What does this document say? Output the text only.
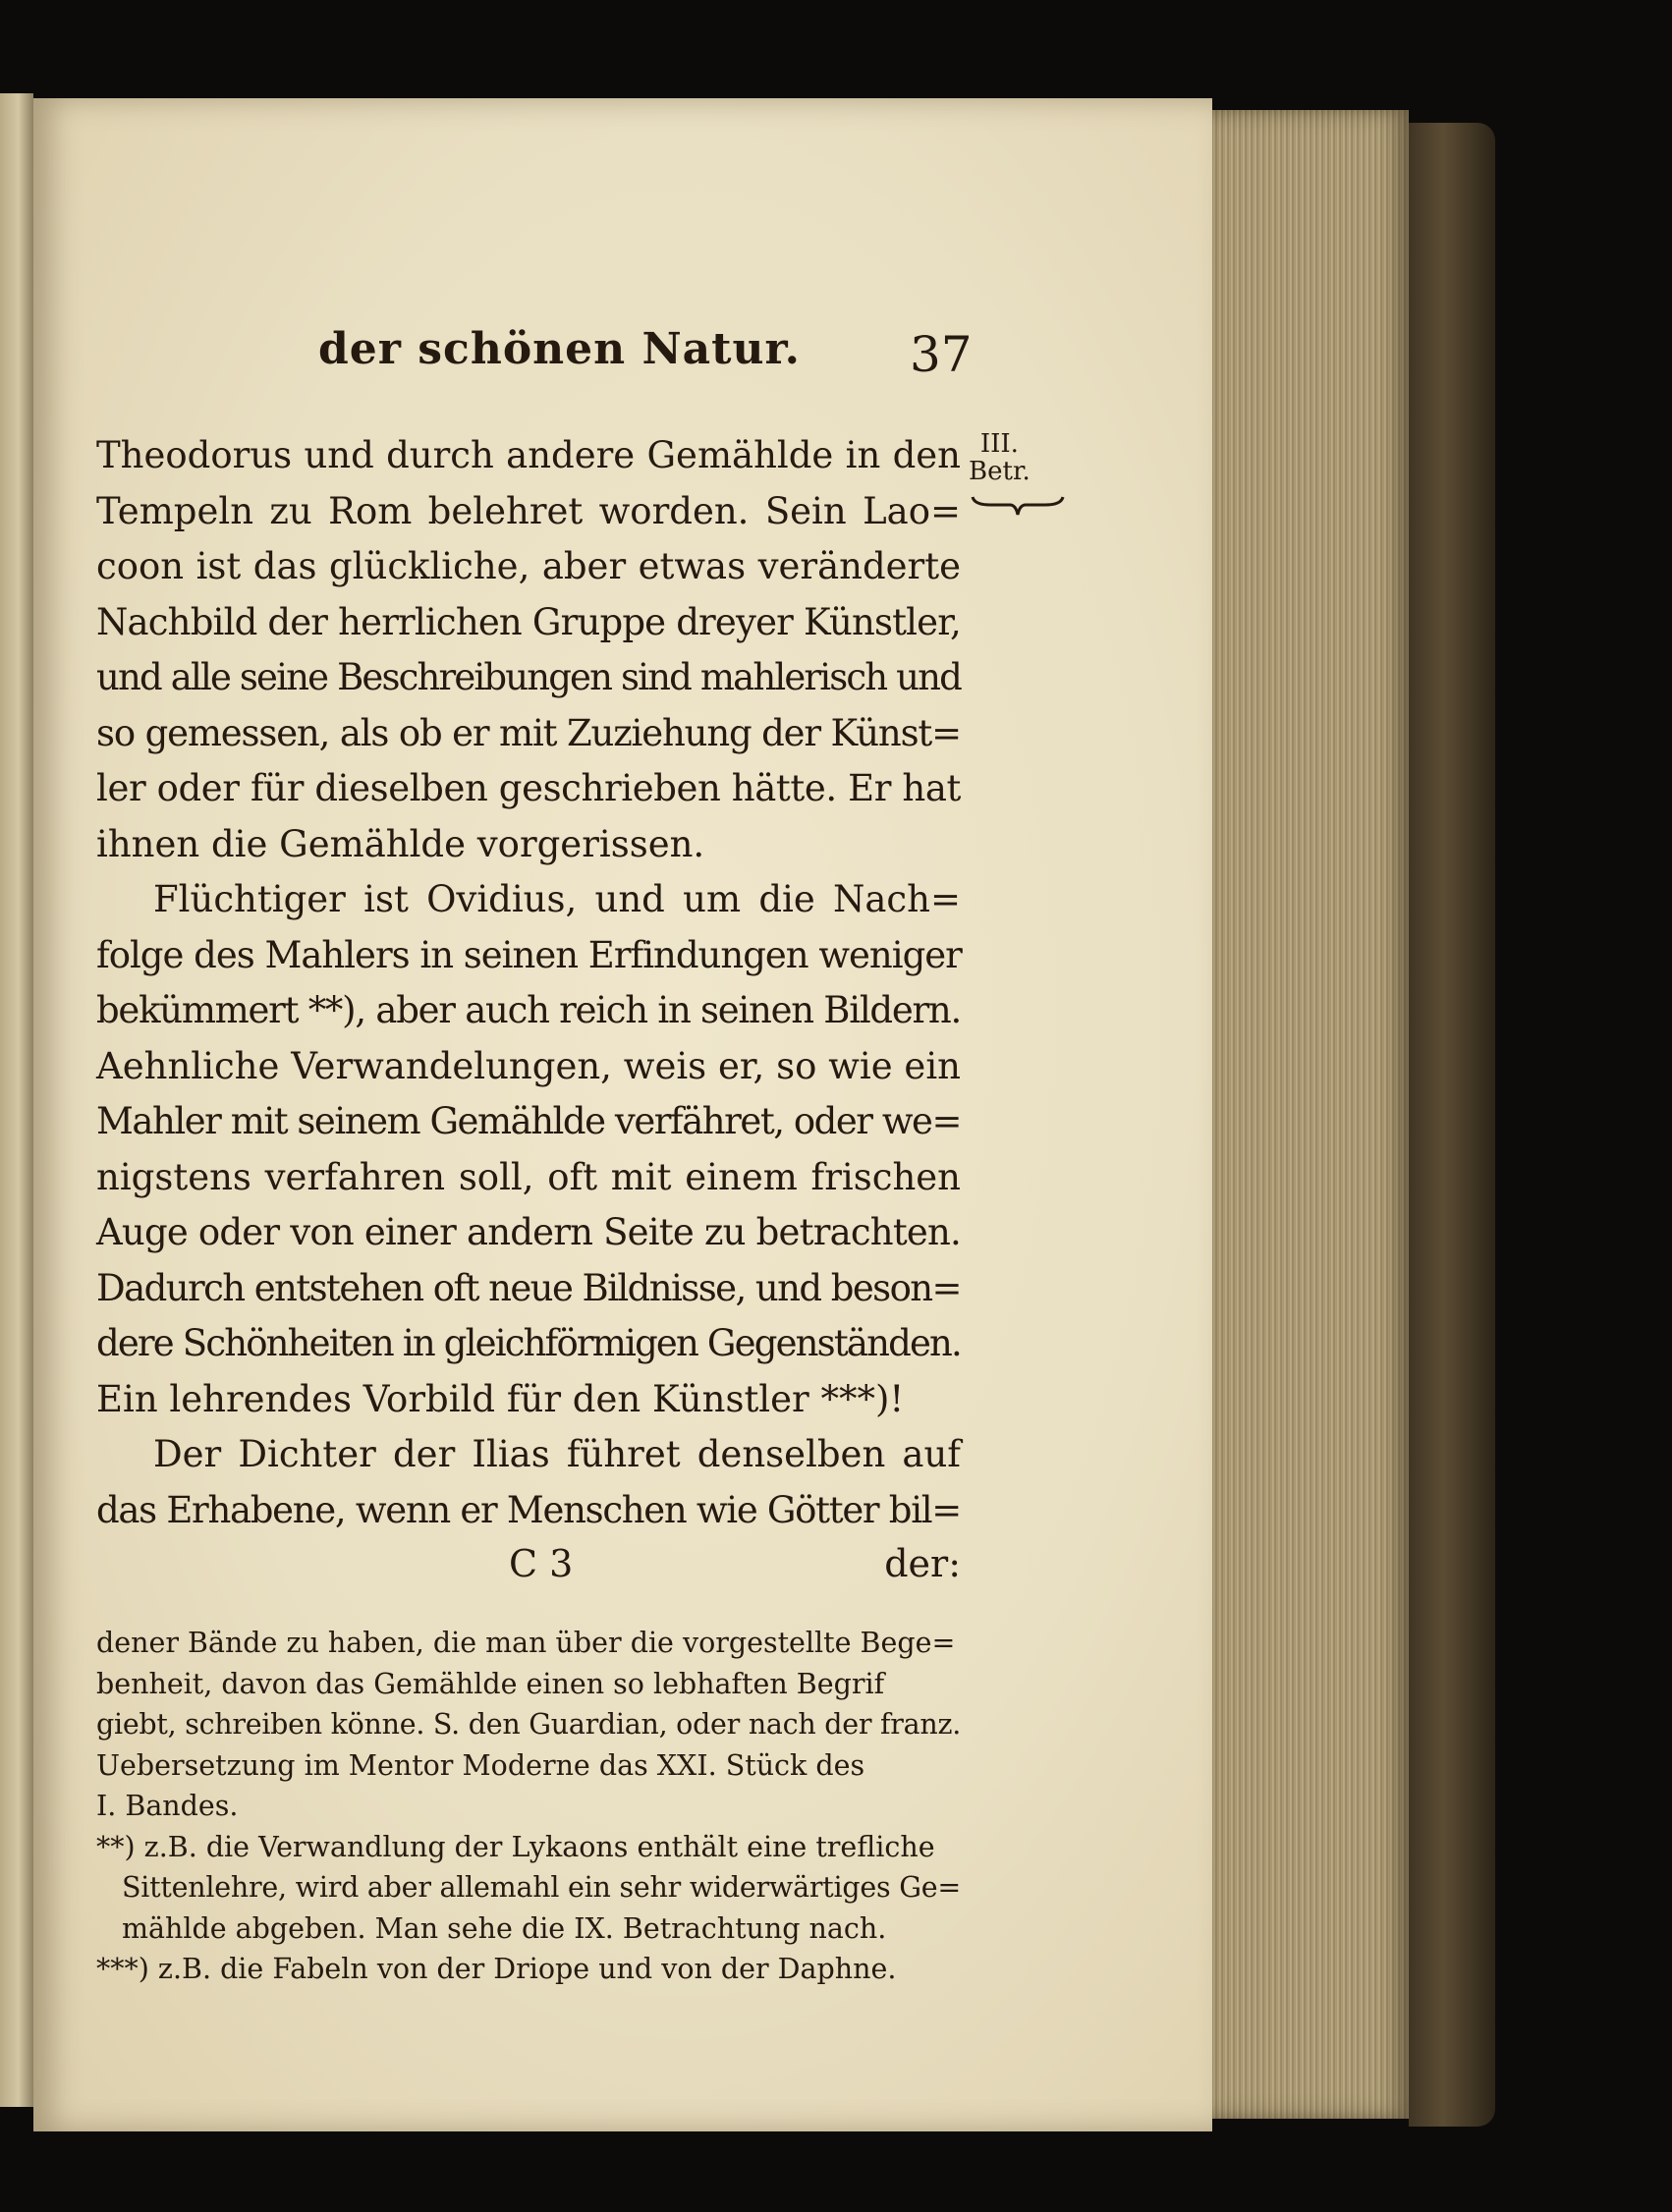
der schönen Natur. 37
III.
Betr.
Theodorus und durch andere Gemählde in den
Tempeln zu Rom belehret worden. Sein Lao=
coon ist das glückliche, aber etwas veränderte
Nachbild der herrlichen Gruppe dreyer Künstler,
und alle seine Beschreibungen sind mahlerisch und
so gemessen, als ob er mit Zuziehung der Künst=
ler oder für dieselben geschrieben hätte. Er hat
ihnen die Gemählde vorgerissen.
Flüchtiger ist Ovidius, und um die Nach=
folge des Mahlers in seinen Erfindungen weniger
bekümmert **), aber auch reich in seinen Bildern.
Aehnliche Verwandelungen, weis er, so wie ein
Mahler mit seinem Gemählde verfähret, oder we=
nigstens verfahren soll, oft mit einem frischen
Auge oder von einer andern Seite zu betrachten.
Dadurch entstehen oft neue Bildnisse, und beson=
dere Schönheiten in gleichförmigen Gegenständen.
Ein lehrendes Vorbild für den Künstler ***)!
Der Dichter der Ilias führet denselben auf
das Erhabene, wenn er Menschen wie Götter bil=
C 3	der:
dener Bände zu haben, die man über die vorgestellte Bege=
benheit, davon das Gemählde einen so lebhaften Begrif
giebt, schreiben könne. S. den Guardian, oder nach der franz.
Uebersetzung im Mentor Moderne das XXI. Stück des
I. Bandes.
**) z.B. die Verwandlung der Lykaons enthält eine trefliche
Sittenlehre, wird aber allemahl ein sehr widerwärtiges Ge=
mählde abgeben. Man sehe die IX. Betrachtung nach.
***) z.B. die Fabeln von der Driope und von der Daphne.
